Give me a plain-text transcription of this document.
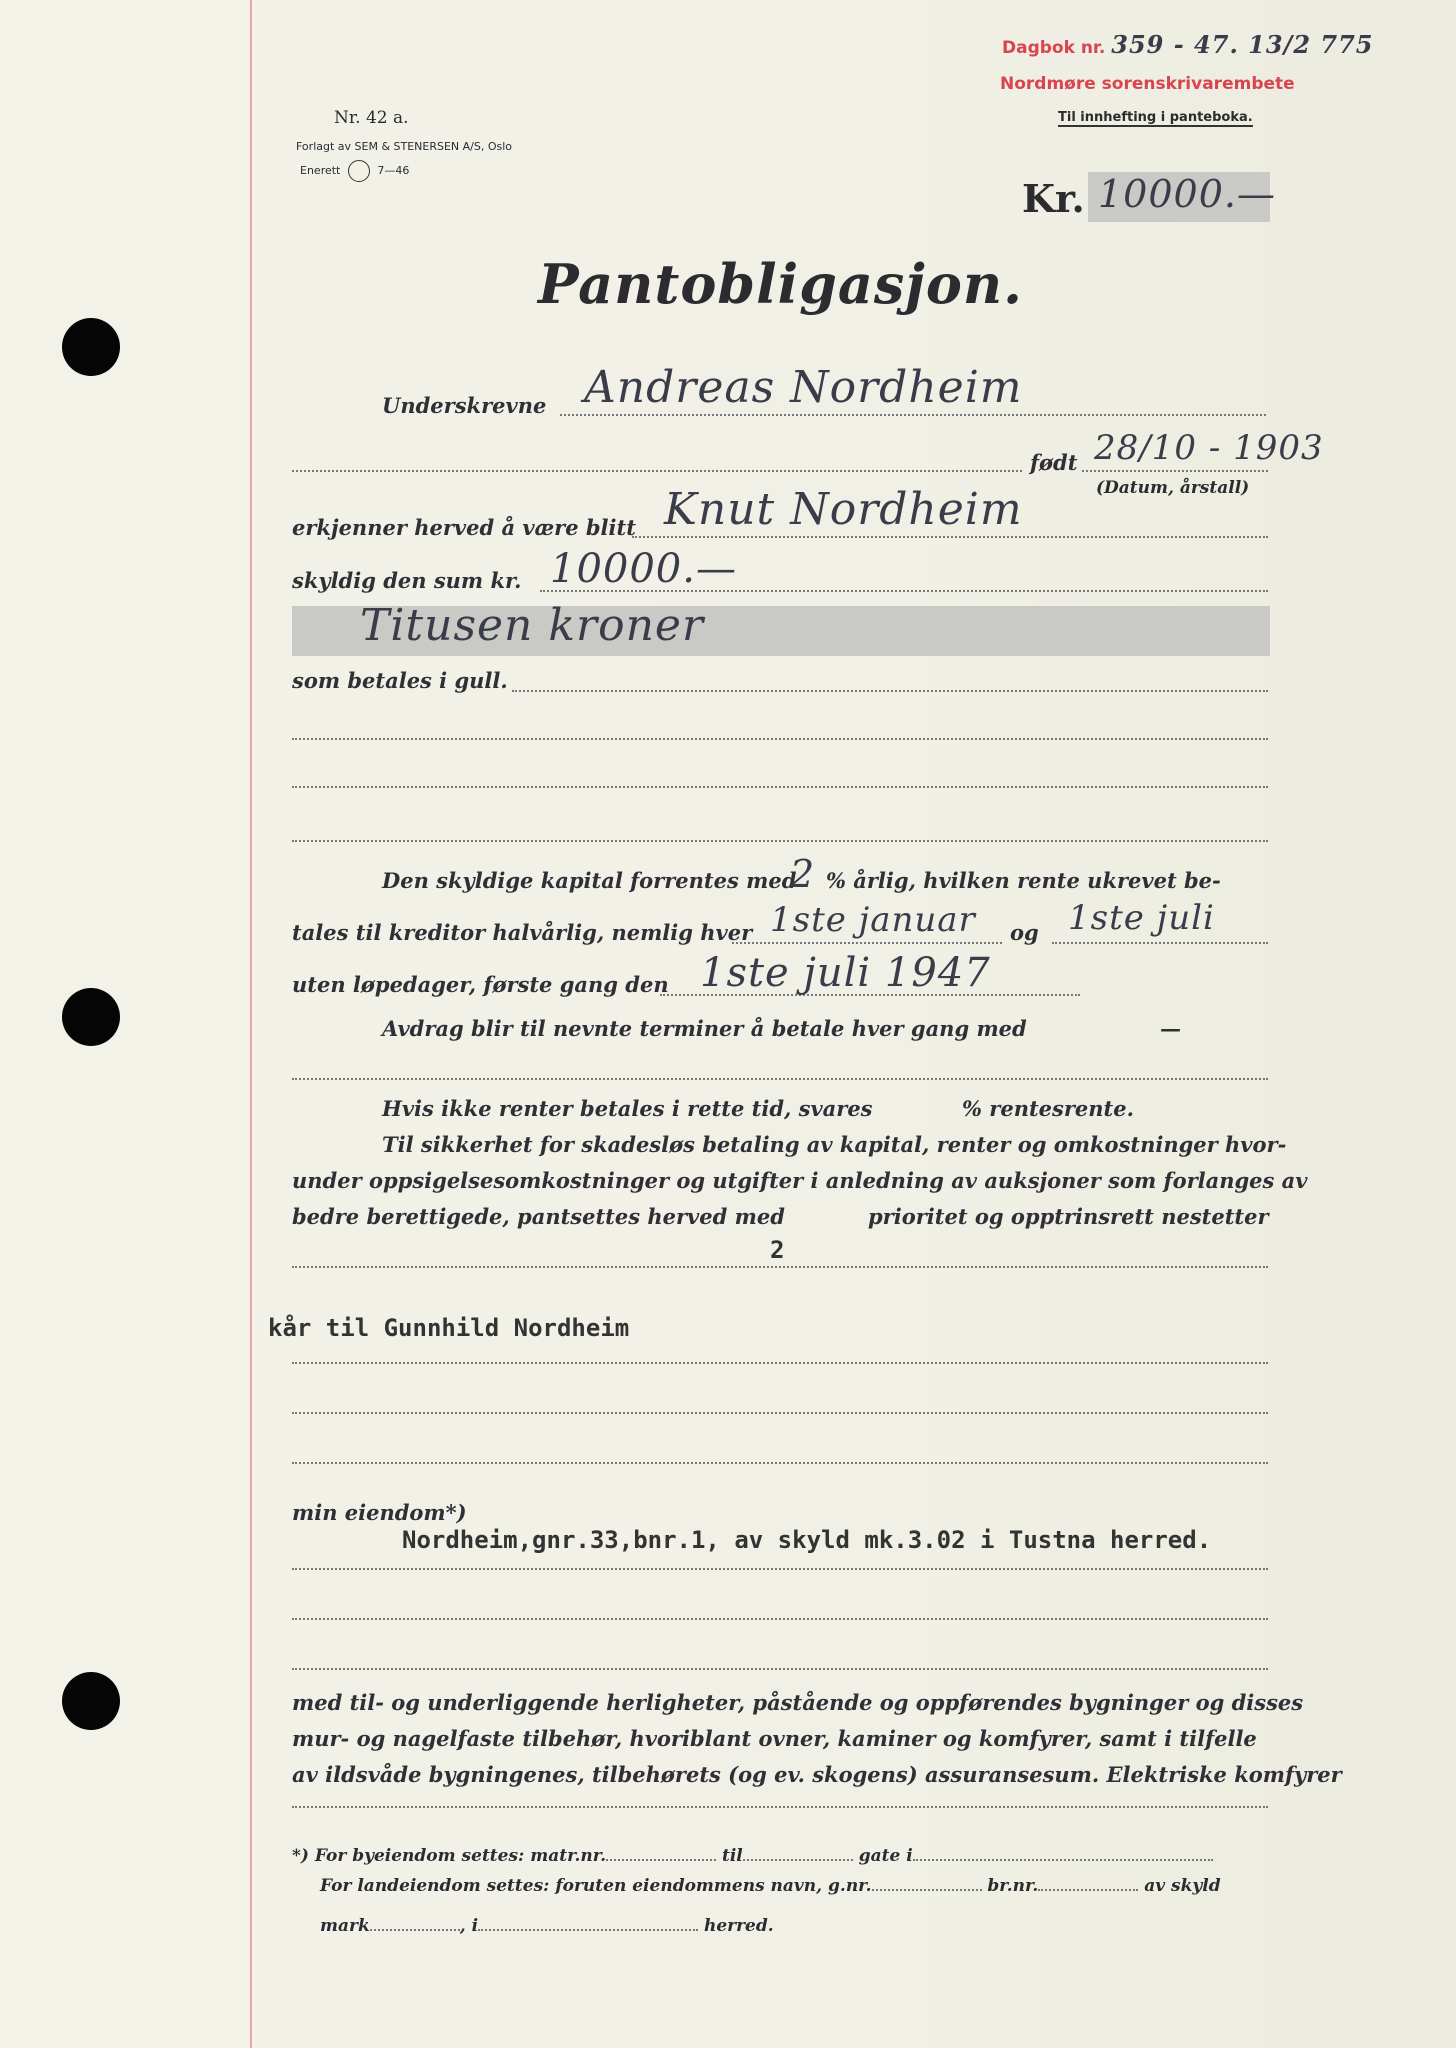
Dagbok nr. 359 - 47. 13/2 775
Nordmøre sorenskrivarembete
Til innhefting i panteboka.
Nr. 42 a.
Forlagt av SEM & STENERSEN A/S, Oslo
Enerett	7—46
Kr. 10000.—
Pantobligasjon.
Underskrevne Andreas Nordheim
født 28/10 - 1903
(Datum, årstall)
erkjenner herved å være blitt Knut Nordheim
skyldig den sum kr. 10000.—
Titusen kroner
som betales i gull.
Den skyldige kapital forrentes med
2 % årlig, hvilken rente ukrevet be-
tales til kreditor halvårlig, nemlig hver 1ste januar og 1ste juli
uten løpedager, første gang den 1ste juli 1947
Avdrag blir til nevnte terminer å betale hver gang med	—
Hvis ikke renter betales i rette tid, svares	% rentesrente.
Til sikkerhet for skadesløs betaling av kapital, renter og omkostninger hvor-
under oppsigelsesomkostninger og utgifter i anledning av auksjoner som forlanges av
bedre berettigede, pantsettes herved med	prioritet og opptrinsrett nestetter
2
kår til Gunnhild Nordheim
min eiendom*)
Nordheim,gnr.33,bnr.1, av skyld mk.3.02 i Tustna herred.
med til- og underliggende herligheter, påstående og oppførendes bygninger og disses
mur- og nagelfaste tilbehør, hvoriblant ovner, kaminer og komfyrer, samt i tilfelle
av ildsvåde bygningenes, tilbehørets (og ev. skogens) assuransesum. Elektriske komfyrer
*) For byeiendom settes: matr.nr.	til	gate i
For landeiendom settes: foruten eiendommens navn, g.nr.	br.nr.	av skyld
mark	, i	herred.
